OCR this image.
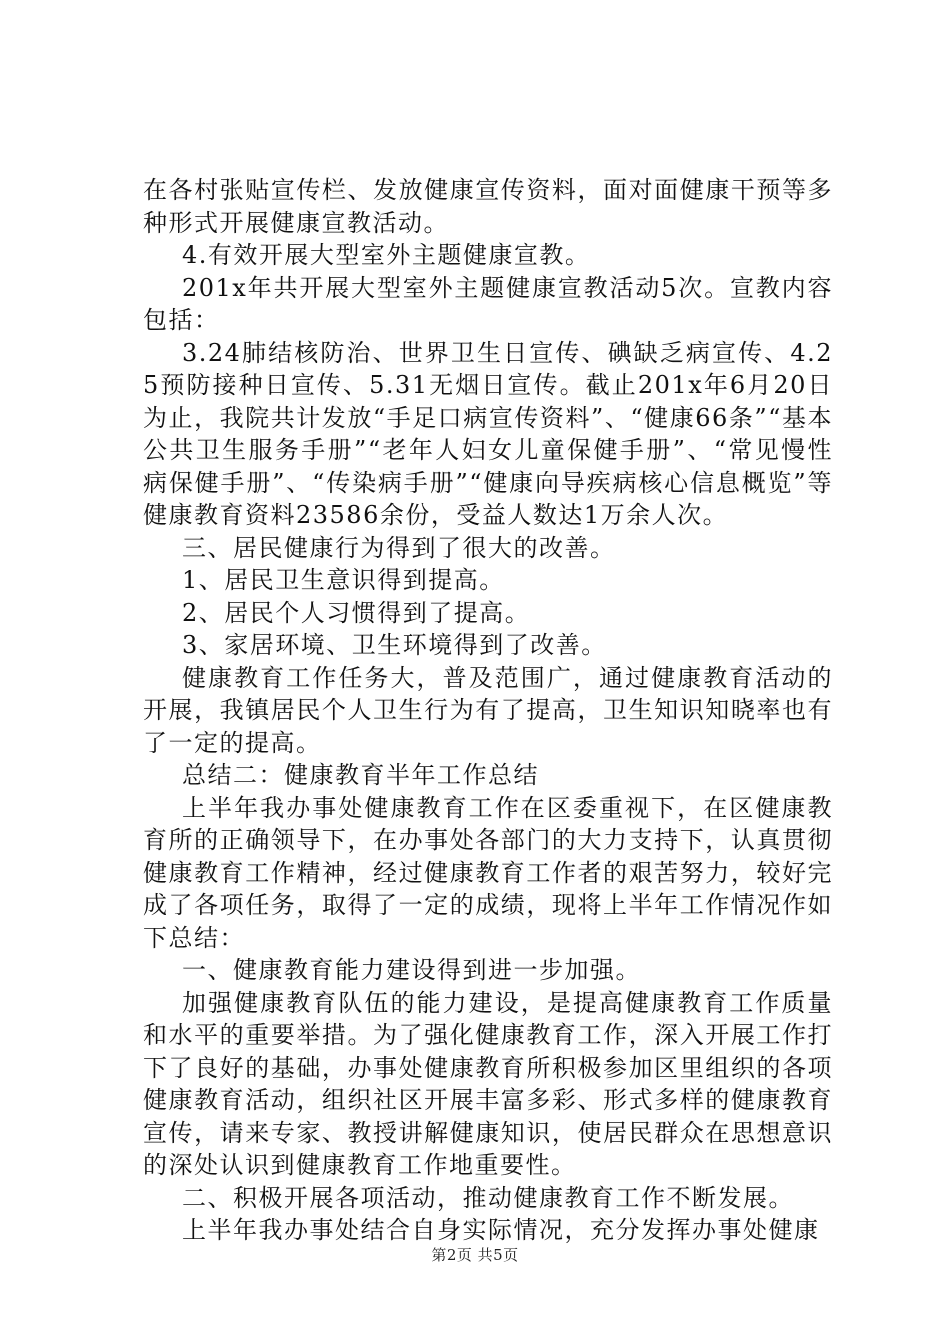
在各村张贴宣传栏、发放健康宣传资料，面对面健康干预等多种形式开展健康宣教活动。

4.有效开展大型室外主题健康宣教。

201x年共开展大型室外主题健康宣教活动5次。宣教内容包括：

3.24肺结核防治、世界卫生日宣传、碘缺乏病宣传、4.25预防接种日宣传、5.31无烟日宣传。截止201x年6月20日为止，我院共计发放“手足口病宣传资料”、“健康66条”“基本公共卫生服务手册”“老年人妇女儿童保健手册”、“常见慢性病保健手册”、“传染病手册”“健康向导疾病核心信息概览”等健康教育资料23586余份，受益人数达1万余人次。

三、居民健康行为得到了很大的改善。

1、居民卫生意识得到提高。

2、居民个人习惯得到了提高。

3、家居环境、卫生环境得到了改善。

健康教育工作任务大，普及范围广，通过健康教育活动的开展，我镇居民个人卫生行为有了提高，卫生知识知晓率也有了一定的提高。

总结二：健康教育半年工作总结

上半年我办事处健康教育工作在区委重视下，在区健康教育所的正确领导下，在办事处各部门的大力支持下，认真贯彻健康教育工作精神，经过健康教育工作者的艰苦努力，较好完成了各项任务，取得了一定的成绩，现将上半年工作情况作如下总结：

一、健康教育能力建设得到进一步加强。

加强健康教育队伍的能力建设，是提高健康教育工作质量和水平的重要举措。为了强化健康教育工作，深入开展工作打下了良好的基础，办事处健康教育所积极参加区里组织的各项健康教育活动，组织社区开展丰富多彩、形式多样的健康教育宣传，请来专家、教授讲解健康知识，使居民群众在思想意识的深处认识到健康教育工作地重要性。

二、积极开展各项活动，推动健康教育工作不断发展。

上半年我办事处结合自身实际情况，充分发挥办事处健康

第2页 共5页
